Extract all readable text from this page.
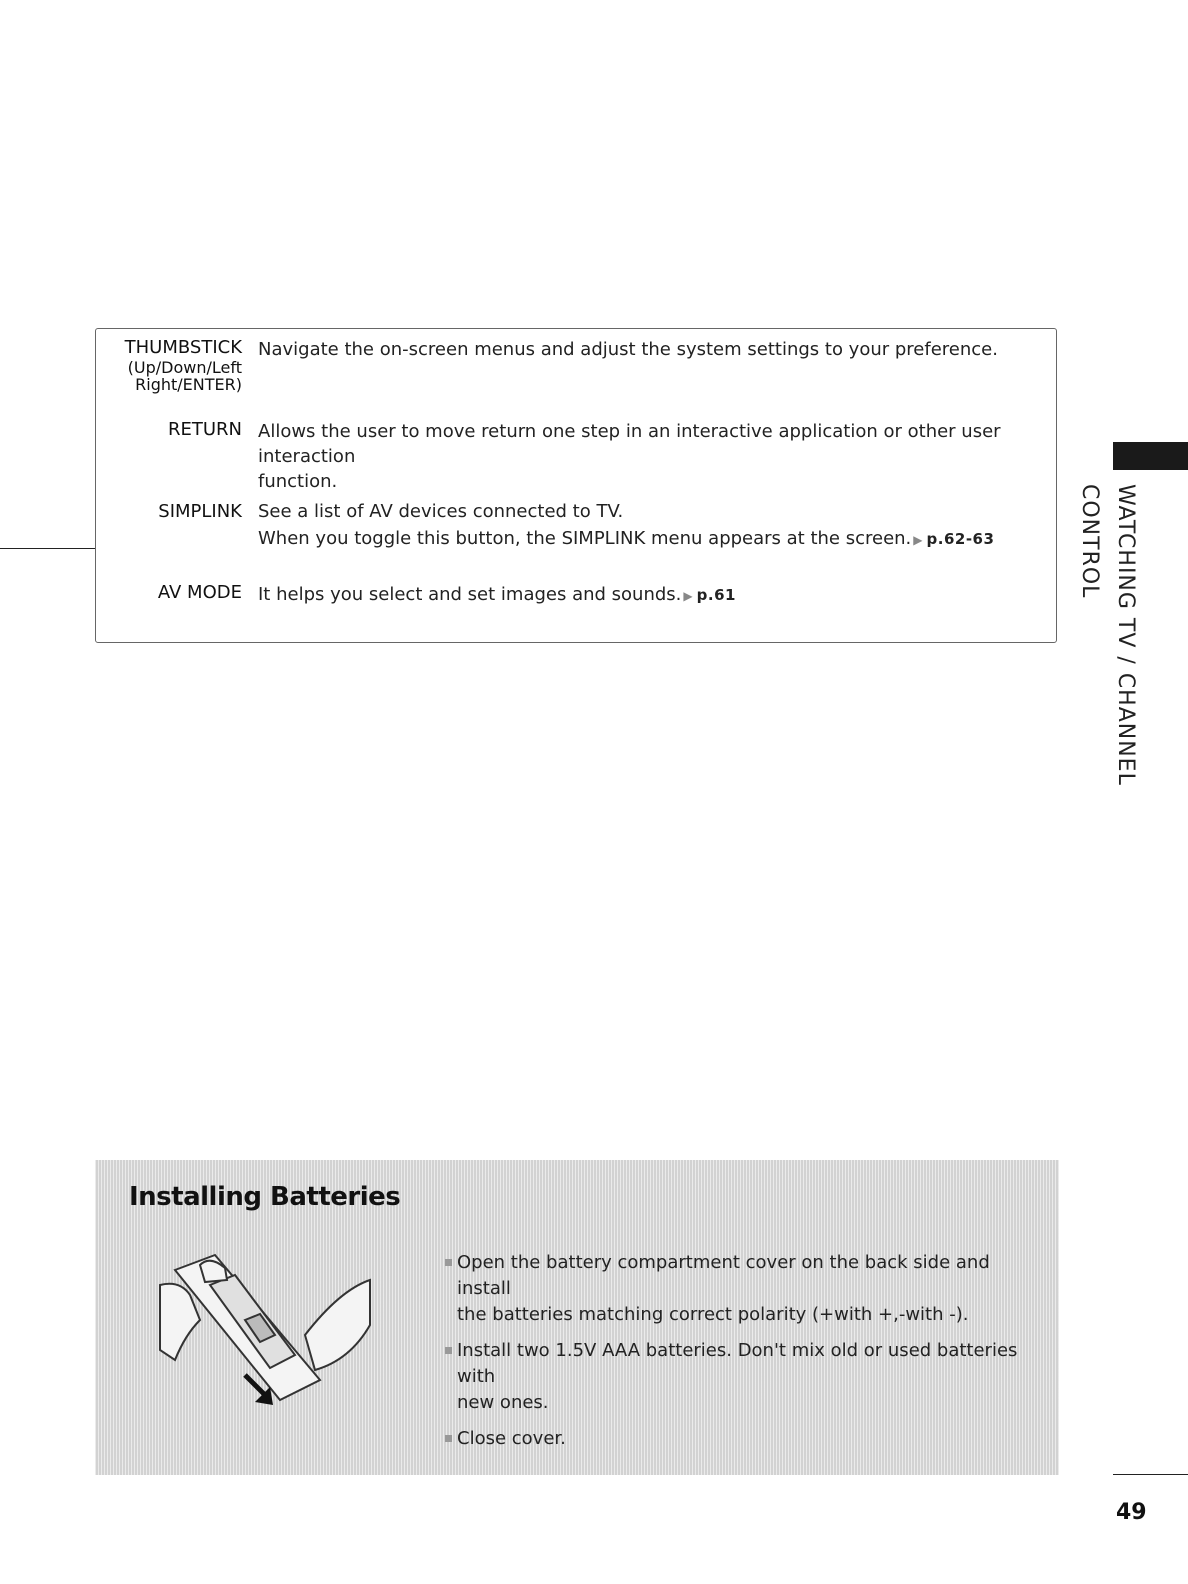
THUMBSTICK
(Up/Down/Left
Right/ENTER)
Navigate the on-screen menus and adjust the system settings to your preference.
RETURN Allows the user to move return one step in an interactive application or other user interaction
function.
SIMPLINK See a list of AV devices connected to TV.
When you toggle this button, the SIMPLINK menu appears at the screen. ▶ p.62-63
AV MODE It helps you select and set images and sounds. ▶ p.61	WATCHING TV / CHANNEL CONTROL
Installing Batteries
Open the battery compartment cover on the back side and install
the batteries matching correct polarity (+with +,-with -).
Install two 1.5V AAA batteries. Don't mix old or used batteries with
new ones.
Close cover.
49
